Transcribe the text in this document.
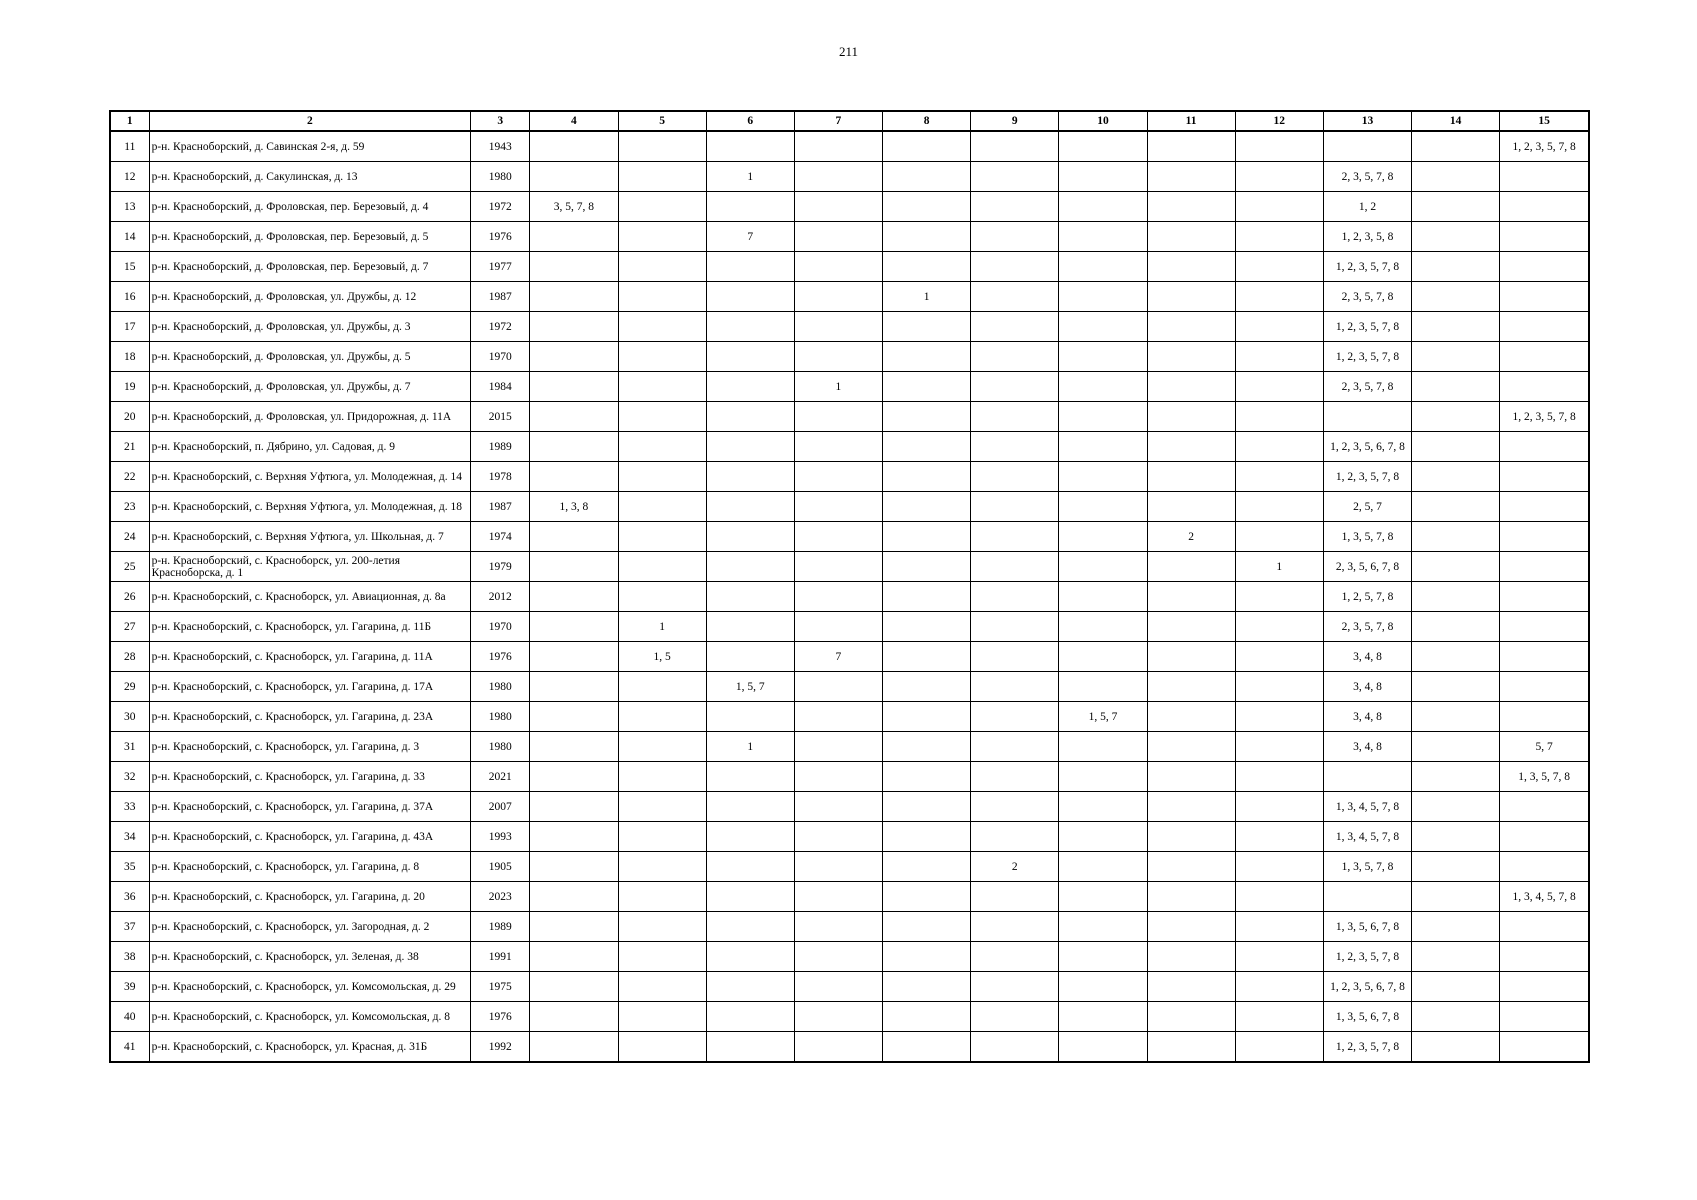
211
1	2	3	4	5	6	7	8	9	10	11	12	13	14	15
11	р-н. Красноборский, д. Савинская 2-я, д. 59	1943												1, 2, 3, 5, 7, 8
12	р-н. Красноборский, д. Сакулинская, д. 13	1980			1							2, 3, 5, 7, 8		
13	р-н. Красноборский, д. Фроловская, пер. Березовый, д. 4	1972	3, 5, 7, 8									1, 2		
14	р-н. Красноборский, д. Фроловская, пер. Березовый, д. 5	1976			7							1, 2, 3, 5, 8		
15	р-н. Красноборский, д. Фроловская, пер. Березовый, д. 7	1977										1, 2, 3, 5, 7, 8		
16	р-н. Красноборский, д. Фроловская, ул. Дружбы, д. 12	1987					1					2, 3, 5, 7, 8		
17	р-н. Красноборский, д. Фроловская, ул. Дружбы, д. 3	1972										1, 2, 3, 5, 7, 8		
18	р-н. Красноборский, д. Фроловская, ул. Дружбы, д. 5	1970										1, 2, 3, 5, 7, 8		
19	р-н. Красноборский, д. Фроловская, ул. Дружбы, д. 7	1984				1						2, 3, 5, 7, 8		
20	р-н. Красноборский, д. Фроловская, ул. Придорожная, д. 11А	2015												1, 2, 3, 5, 7, 8
21	р-н. Красноборский, п. Дябрино, ул. Садовая, д. 9	1989										1, 2, 3, 5, 6, 7, 8		
22	р-н. Красноборский, с. Верхняя Уфтюга, ул. Молодежная, д. 14	1978										1, 2, 3, 5, 7, 8		
23	р-н. Красноборский, с. Верхняя Уфтюга, ул. Молодежная, д. 18	1987	1, 3, 8									2, 5, 7		
24	р-н. Красноборский, с. Верхняя Уфтюга, ул. Школьная, д. 7	1974								2		1, 3, 5, 7, 8		
25	р-н. Красноборский, с. Красноборск, ул. 200-летия Красноборска, д. 1	1979									1	2, 3, 5, 6, 7, 8		
26	р-н. Красноборский, с. Красноборск, ул. Авиационная, д. 8а	2012										1, 2, 5, 7, 8		
27	р-н. Красноборский, с. Красноборск, ул. Гагарина, д. 11Б	1970		1								2, 3, 5, 7, 8		
28	р-н. Красноборский, с. Красноборск, ул. Гагарина, д. 11А	1976		1, 5		7						3, 4, 8		
29	р-н. Красноборский, с. Красноборск, ул. Гагарина, д. 17А	1980			1, 5, 7							3, 4, 8		
30	р-н. Красноборский, с. Красноборск, ул. Гагарина, д. 23А	1980							1, 5, 7			3, 4, 8		
31	р-н. Красноборский, с. Красноборск, ул. Гагарина, д. 3	1980			1							3, 4, 8		5, 7
32	р-н. Красноборский, с. Красноборск, ул. Гагарина, д. 33	2021												1, 3, 5, 7, 8
33	р-н. Красноборский, с. Красноборск, ул. Гагарина, д. 37А	2007										1, 3, 4, 5, 7, 8		
34	р-н. Красноборский, с. Красноборск, ул. Гагарина, д. 43А	1993										1, 3, 4, 5, 7, 8		
35	р-н. Красноборский, с. Красноборск, ул. Гагарина, д. 8	1905						2				1, 3, 5, 7, 8		
36	р-н. Красноборский, с. Красноборск, ул. Гагарина, д. 20	2023												1, 3, 4, 5, 7, 8
37	р-н. Красноборский, с. Красноборск, ул. Загородная, д. 2	1989										1, 3, 5, 6, 7, 8		
38	р-н. Красноборский, с. Красноборск, ул. Зеленая, д. 38	1991										1, 2, 3, 5, 7, 8		
39	р-н. Красноборский, с. Красноборск, ул. Комсомольская, д. 29	1975										1, 2, 3, 5, 6, 7, 8		
40	р-н. Красноборский, с. Красноборск, ул. Комсомольская, д. 8	1976										1, 3, 5, 6, 7, 8		
41	р-н. Красноборский, с. Красноборск, ул. Красная, д. 31Б	1992										1, 2, 3, 5, 7, 8		
